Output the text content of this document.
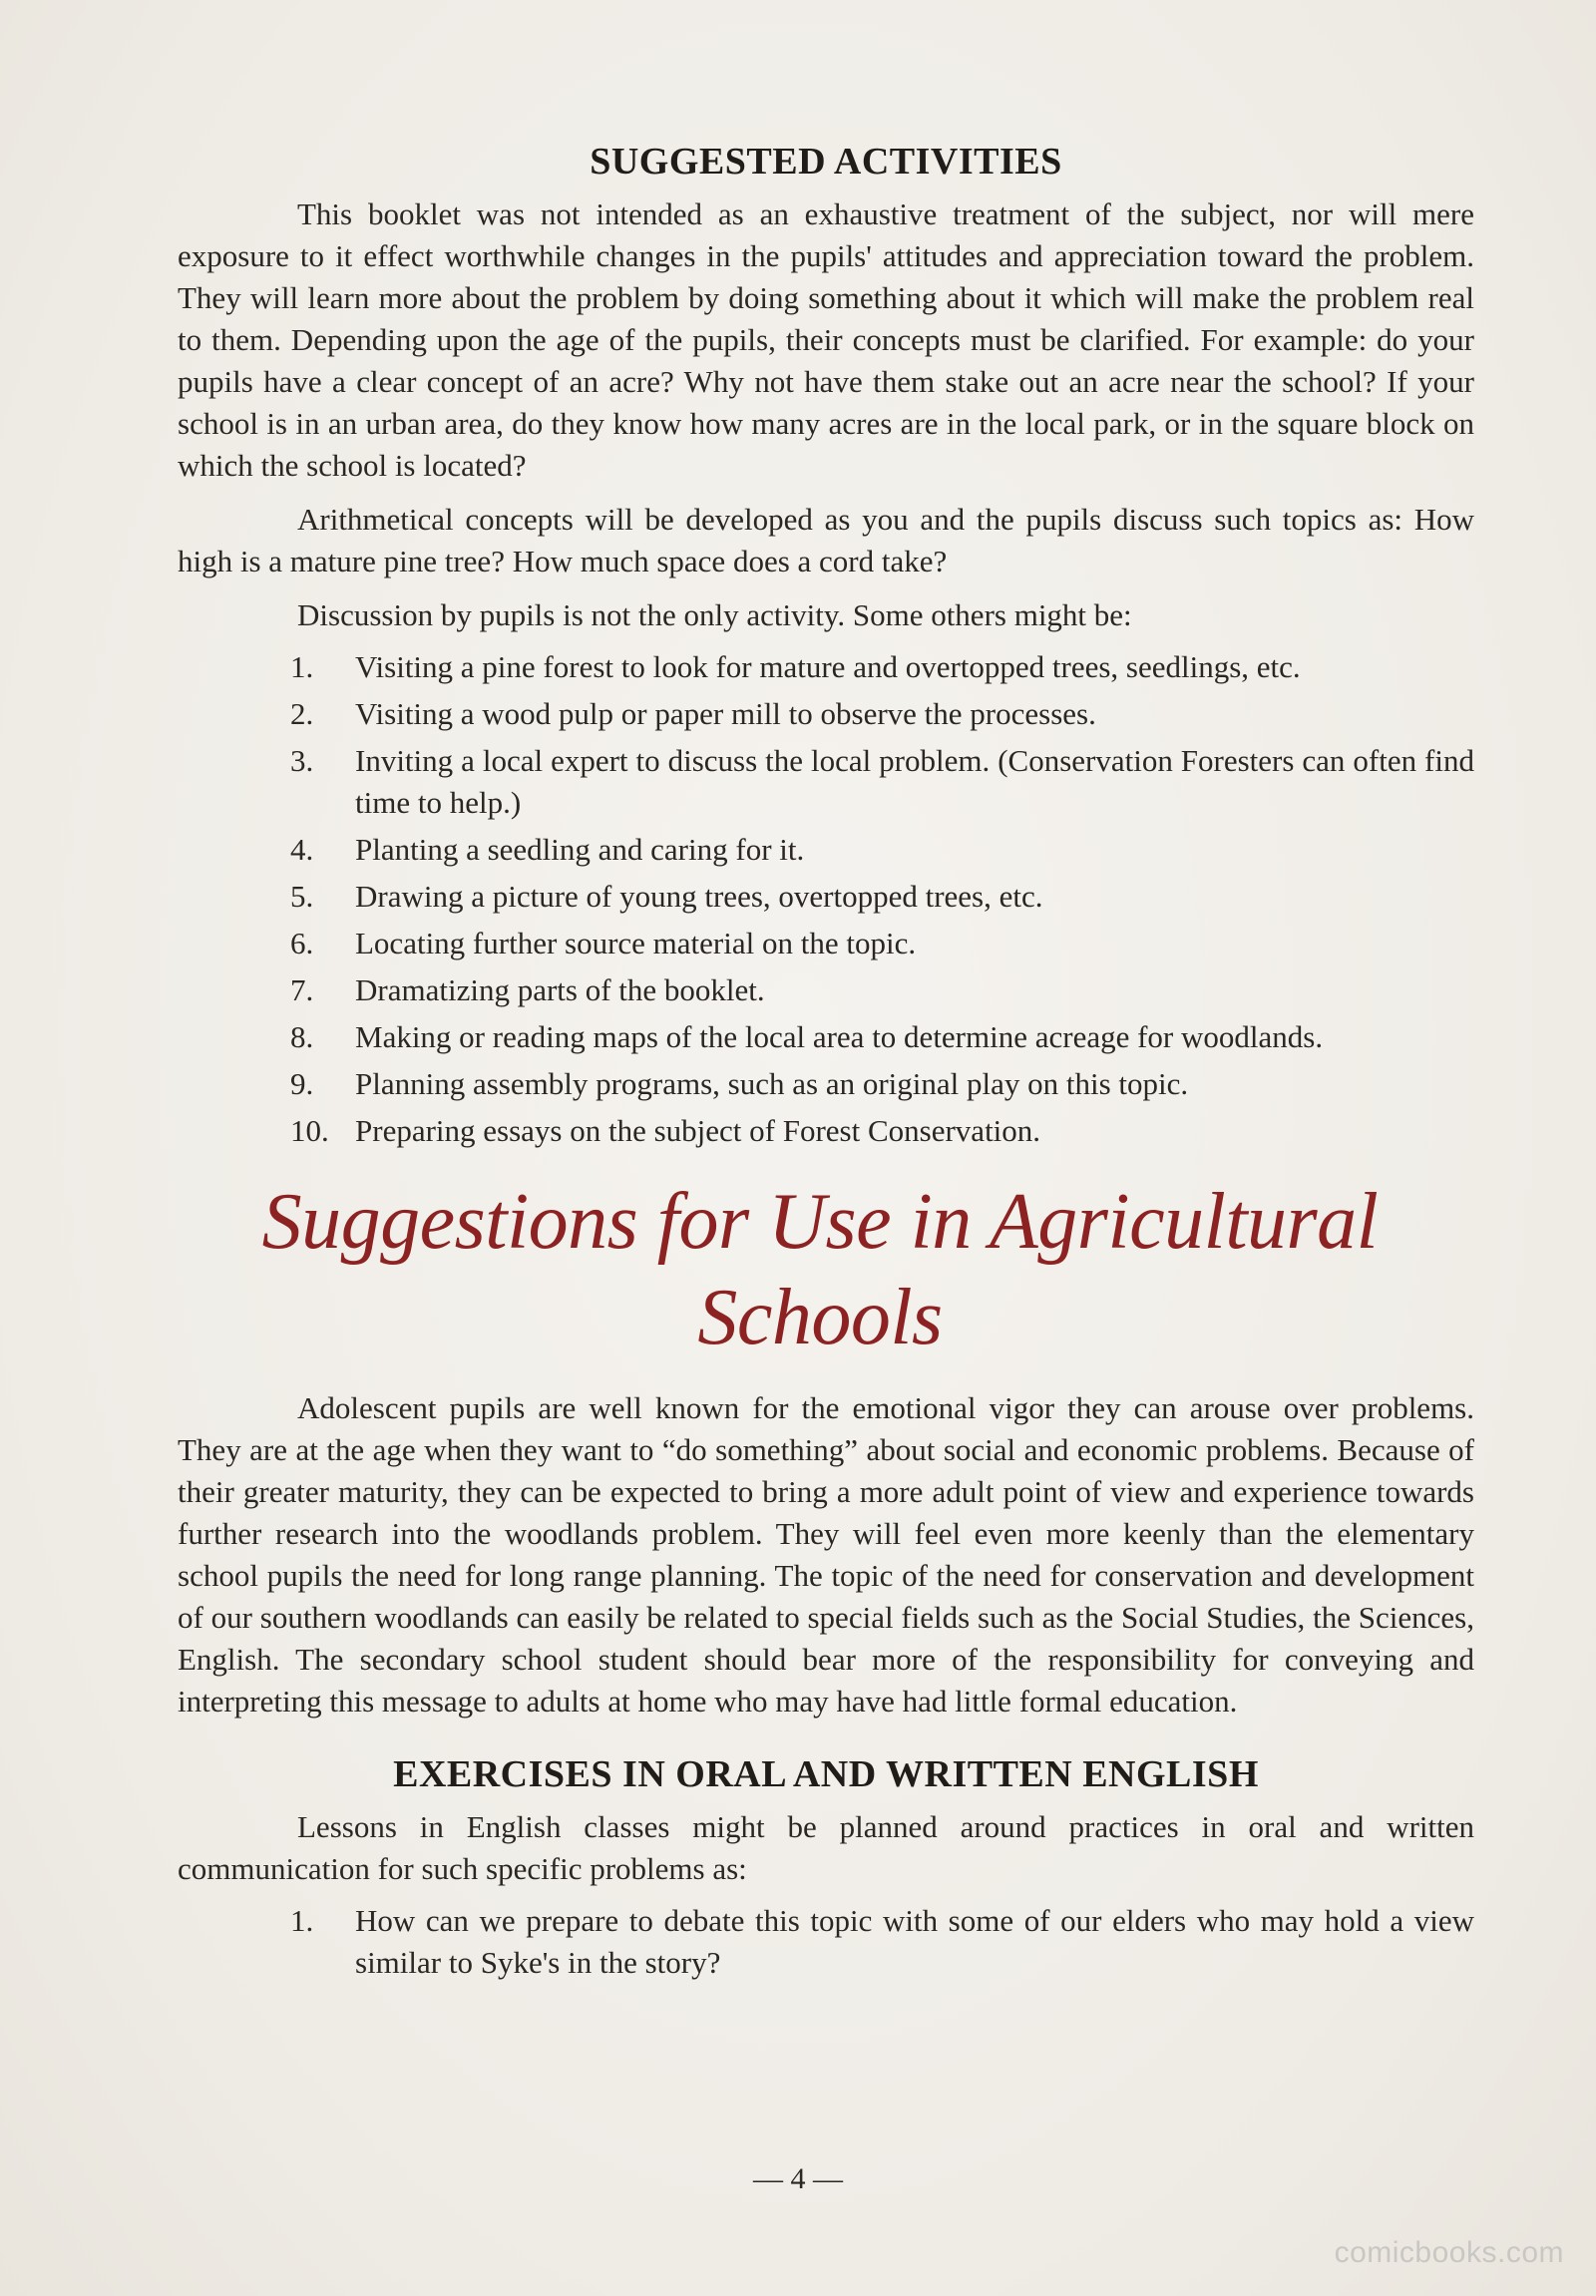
SUGGESTED ACTIVITIES

This booklet was not intended as an exhaustive treatment of the subject, nor will mere exposure to it effect worthwhile changes in the pupils' attitudes and appreciation toward the problem. They will learn more about the problem by doing something about it which will make the problem real to them. Depending upon the age of the pupils, their concepts must be clarified. For example: do your pupils have a clear concept of an acre? Why not have them stake out an acre near the school? If your school is in an urban area, do they know how many acres are in the local park, or in the square block on which the school is located?

Arithmetical concepts will be developed as you and the pupils discuss such topics as: How high is a mature pine tree? How much space does a cord take?

Discussion by pupils is not the only activity. Some others might be:

1.	Visiting a pine forest to look for mature and overtopped trees, seedlings, etc.
2.	Visiting a wood pulp or paper mill to observe the processes.
3.	Inviting a local expert to discuss the local problem. (Conservation Foresters can often find time to help.)
4.	Planting a seedling and caring for it.
5.	Drawing a picture of young trees, overtopped trees, etc.
6.	Locating further source material on the topic.
7.	Dramatizing parts of the booklet.
8.	Making or reading maps of the local area to determine acreage for woodlands.
9.	Planning assembly programs, such as an original play on this topic.
10. Preparing essays on the subject of Forest Conservation.
Suggestions for Use in Agricultural Schools

Adolescent pupils are well known for the emotional vigor they can arouse over problems. They are at the age when they want to “do something” about social and economic problems. Because of their greater maturity, they can be expected to bring a more adult point of view and experience towards further research into the woodlands problem. They will feel even more keenly than the elementary school pupils the need for long range planning. The topic of the need for conservation and development of our southern woodlands can easily be related to special fields such as the Social Studies, the Sciences, English. The secondary school student should bear more of the responsibility for conveying and interpreting this message to adults at home who may have had little formal education.

EXERCISES IN ORAL AND WRITTEN ENGLISH

Lessons in English classes might be planned around practices in oral and written communication for such specific problems as:

1.	How can we prepare to debate this topic with some of our elders who may hold a view similar to Syke's in the story?
— 4 —
comicbooks.com
